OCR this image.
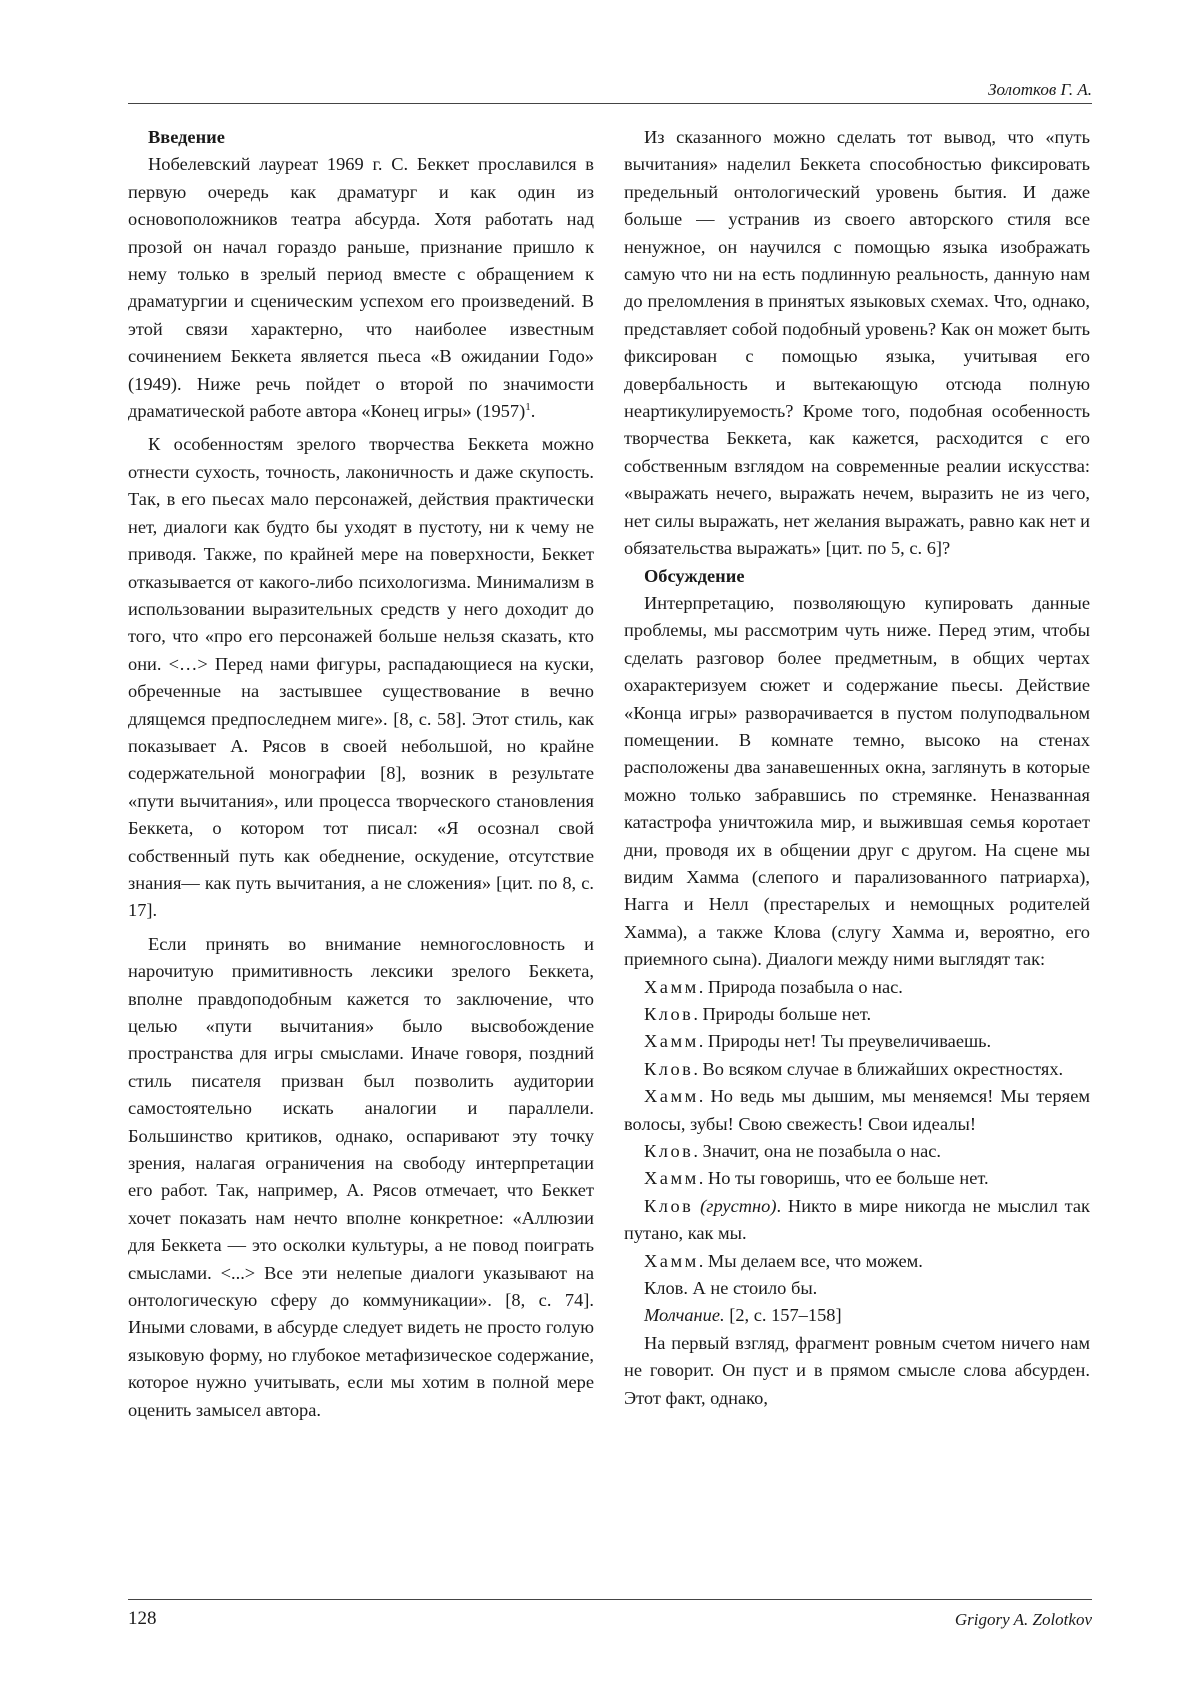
Золотков Г. А.
Введение

Нобелевский лауреат 1969 г. С. Беккет прославился в первую очередь как драматург и как один из основоположников театра абсурда. Хотя работать над прозой он начал гораздо раньше, признание пришло к нему только в зрелый период вместе с обращением к драматургии и сценическим успехом его произведений. В этой связи характерно, что наиболее известным сочинением Беккета является пьеса «В ожидании Годо» (1949). Ниже речь пойдет о второй по значимости драматической работе автора «Конец игры» $(1957)^1$.

К особенностям зрелого творчества Беккета можно отнести сухость, точность, лаконичность и даже скупость. Так, в его пьесах мало персонажей, действия практически нет, диалоги как будто бы уходят в пустоту, ни к чему не приводя. Также, по крайней мере на поверхности, Беккет отказывается от какого-либо психологизма. Минимализм в использовании выразительных средств у него доходит до того, что «про его персонажей больше нельзя сказать, кто они. <…> Перед нами фигуры, распадающиеся на куски, обреченные на застывшее существование в вечно длящемся предпоследнем миге». [8, с. 58]. Этот стиль, как показывает А. Рясов в своей небольшой, но крайне содержательной монографии [8], возник в результате «пути вычитания», или процесса творческого становления Беккета, о котором тот писал: «Я осознал свой собственный путь как обеднение, оскудение, отсутствие знания— как путь вычитания, а не сложения» [цит. по 8, с. 17].

Если принять во внимание немногословность и нарочитую примитивность лексики зрелого Беккета, вполне правдоподобным кажется то заключение, что целью «пути вычитания» было высвобождение пространства для игры смыслами. Иначе говоря, поздний стиль писателя призван был позволить аудитории самостоятельно искать аналогии и параллели. Большинство критиков, однако, оспаривают эту точку зрения, налагая ограничения на свободу интерпретации его работ. Так, например, А. Рясов отмечает, что Беккет хочет показать нам нечто вполне конкретное: «Аллюзии для Беккета — это осколки культуры, а не повод поиграть смыслами. <...> Все эти нелепые диалоги указывают на онтологическую сферу до коммуникации». [8, с. 74]. Иными словами, в абсурде следует видеть не просто голую языковую форму, но глубокое метафизическое содержание, которое нужно учитывать, если мы хотим в полной мере оценить замысел автора.

Из сказанного можно сделать тот вывод, что «путь вычитания» наделил Беккета способностью фиксировать предельный онтологический уровень бытия. И даже больше — устранив из своего авторского стиля все ненужное, он научился с помощью языка изображать самую что ни на есть подлинную реальность, данную нам до преломления в принятых языковых схемах. Что, однако, представляет собой подобный уровень? Как он может быть фиксирован с помощью языка, учитывая его довербальность и вытекающую отсюда полную неартикулируемость? Кроме того, подобная особенность творчества Беккета, как кажется, расходится с его собственным взглядом на современные реалии искусства: «выражать нечего, выражать нечем, выразить не из чего, нет силы выражать, нет желания выражать, равно как нет и обязательства выражать» [цит. по 5, с. 6]?

Обсуждение

Интерпретацию, позволяющую купировать данные проблемы, мы рассмотрим чуть ниже. Перед этим, чтобы сделать разговор более предметным, в общих чертах охарактеризуем сюжет и содержание пьесы. Действие «Конца игры» разворачивается в пустом полуподвальном помещении. В комнате темно, высоко на стенах расположены два занавешенных окна, заглянуть в которые можно только забравшись по стремянке. Неназванная катастрофа уничтожила мир, и выжившая семья коротает дни, проводя их в общении друг с другом. На сцене мы видим Хамма (слепого и парализованного патриарха), Нагга и Нелл (престарелых и немощных родителей Хамма), а также Клова (слугу Хамма и, вероятно, его приемного сына). Диалоги между ними выглядят так:

Хамм. Природа позабыла о нас.

Клов. Природы больше нет.

Хамм. Природы нет! Ты преувеличиваешь.

Клов. Во всяком случае в ближайших окрестностях.

Хамм. Но ведь мы дышим, мы меняемся! Мы теряем волосы, зубы! Свою свежесть! Свои идеалы!

Клов. Значит, она не позабыла о нас.

Хамм. Но ты говоришь, что ее больше нет.

Клов (грустно). Никто в мире никогда не мыслил так путано, как мы.

Хамм. Мы делаем все, что можем.

Клов. А не стоило бы.

Молчание. [2, с. 157–158]

На первый взгляд, фрагмент ровным счетом ничего нам не говорит. Он пуст и в прямом смысле слова абсурден. Этот факт, однако,

128	Grigory A. Zolotkov
